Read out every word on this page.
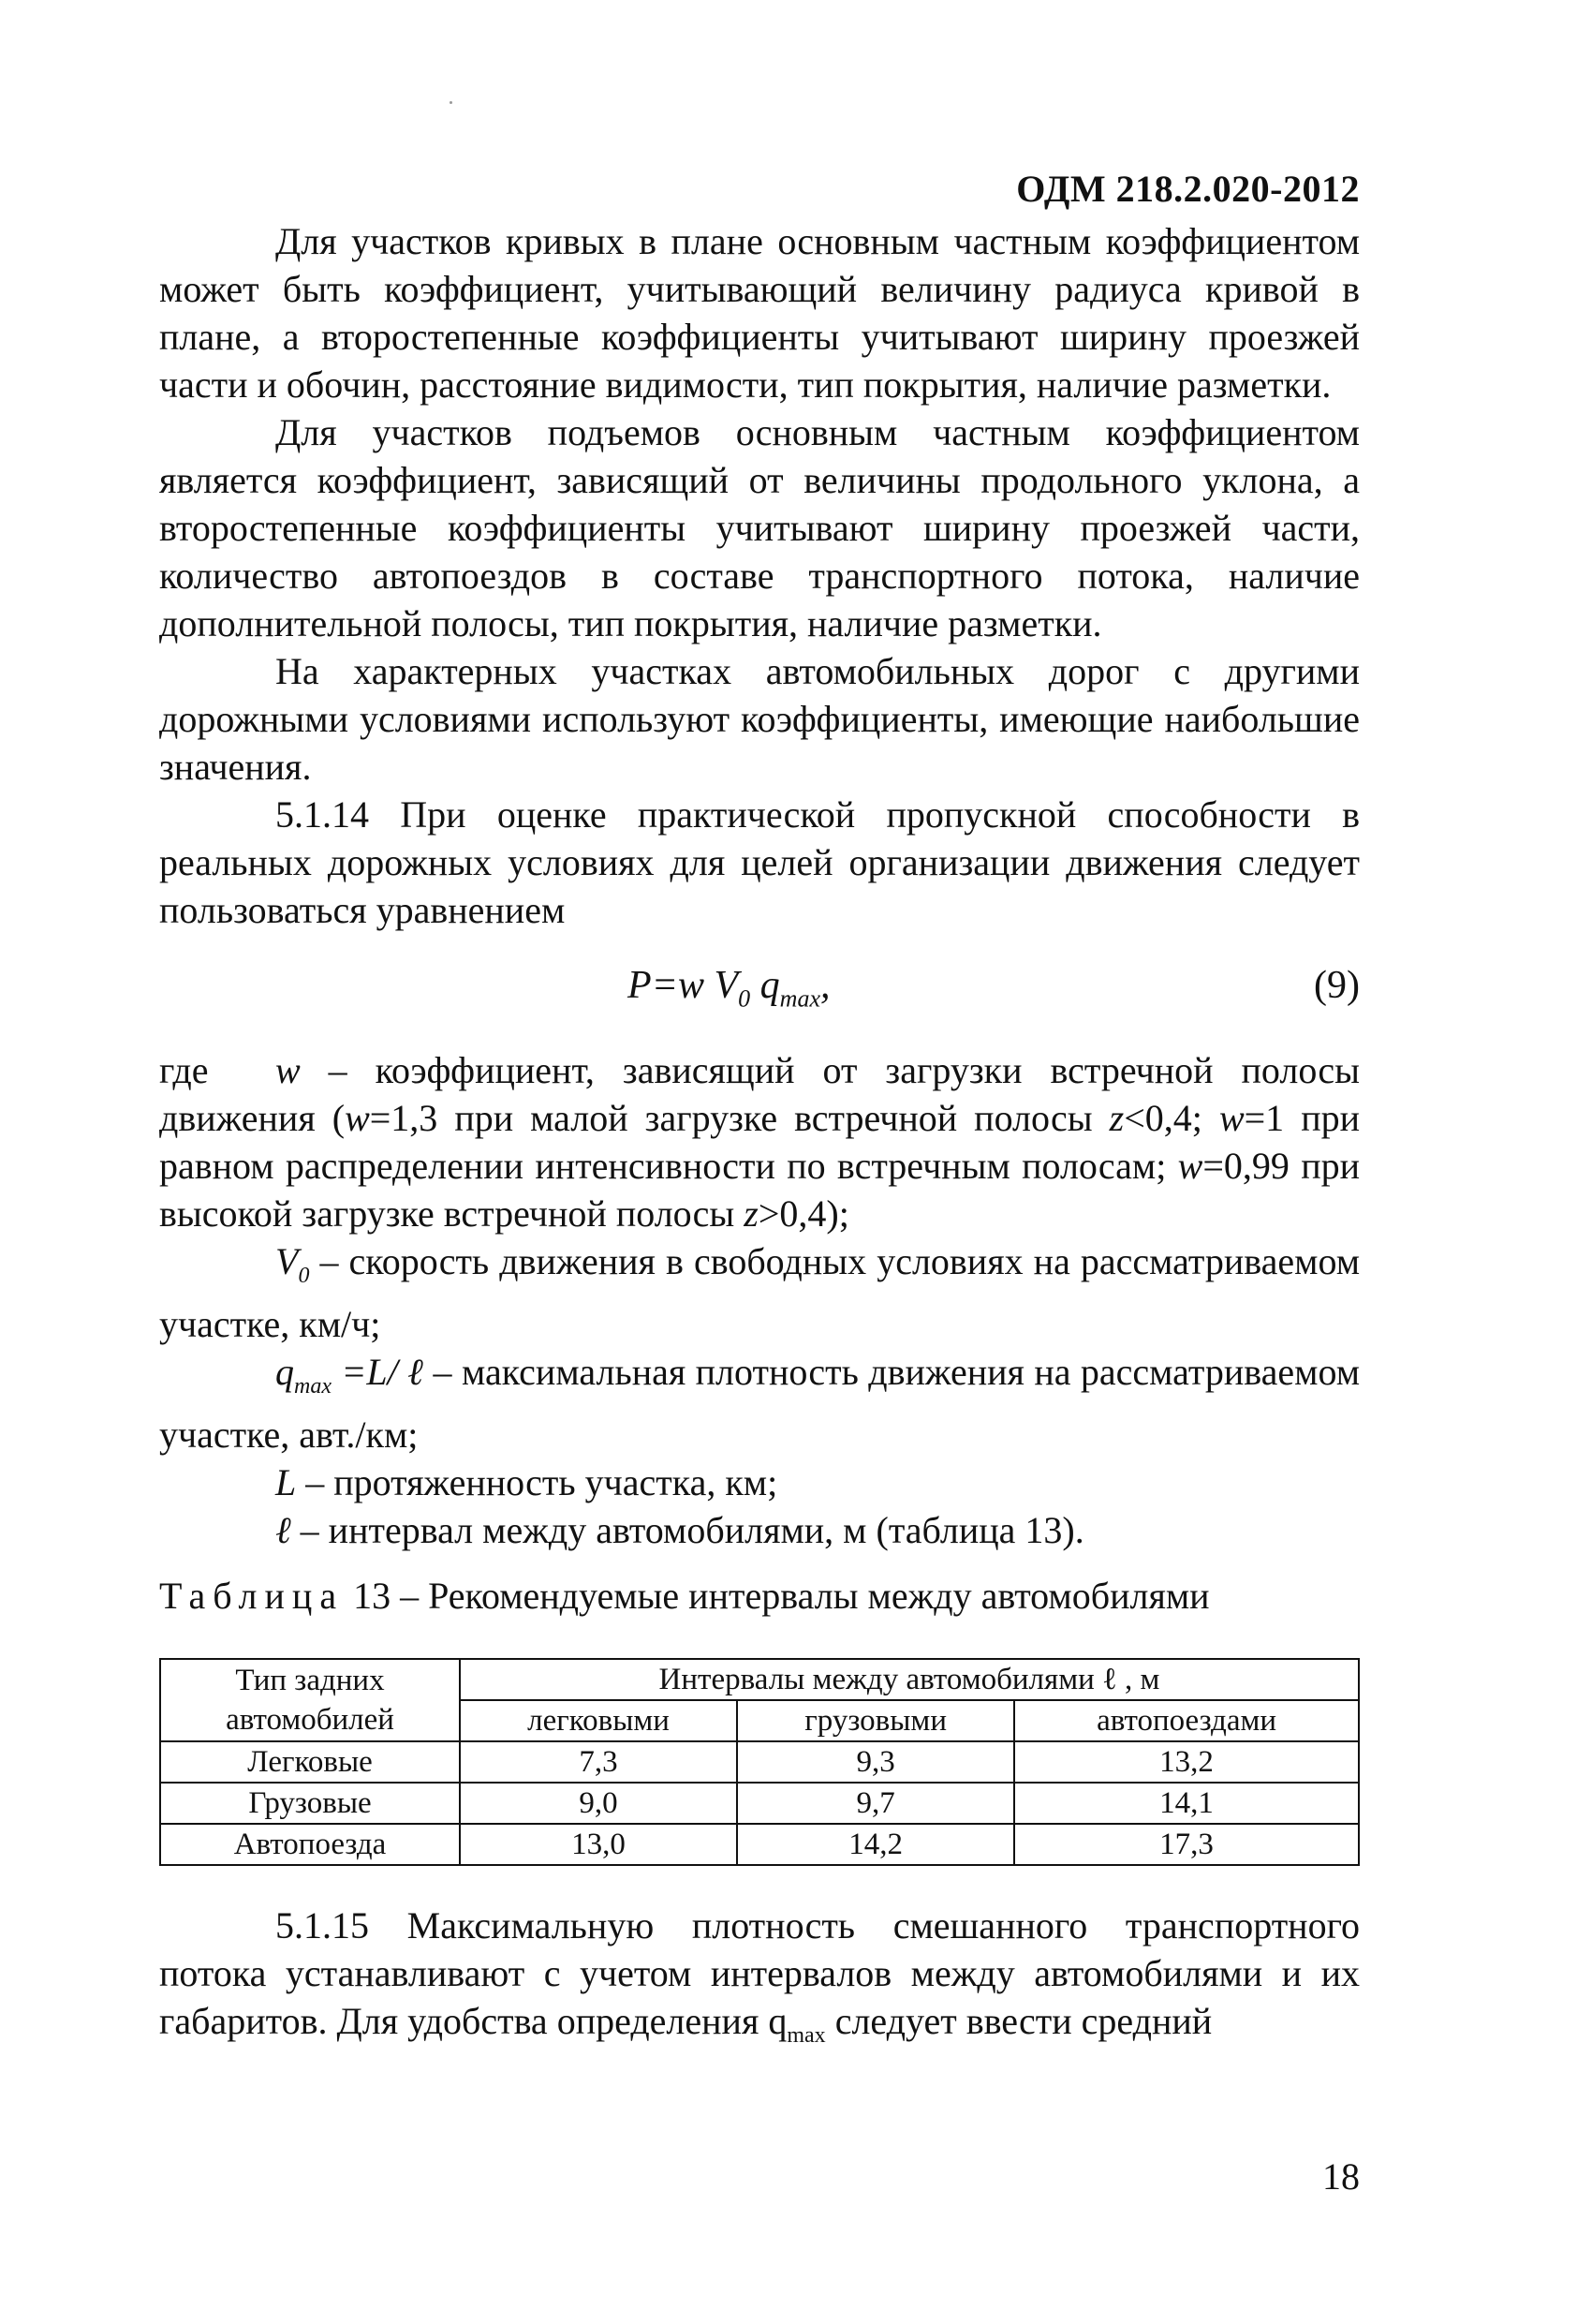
ОДМ 218.2.020-2012

Для участков кривых в плане основным частным коэффициентом может быть коэффициент, учитывающий величину радиуса кривой в плане, а второстепенные коэффициенты учитывают ширину проезжей части и обочин, расстояние видимости, тип покрытия, наличие разметки.

Для участков подъемов основным частным коэффициентом является коэффициент, зависящий от величины продольного уклона, а второстепенные коэффициенты учитывают ширину проезжей части, количество автопоездов в составе транспортного потока, наличие дополнительной полосы, тип покрытия, наличие разметки.

На характерных участках автомобильных дорог с другими дорожными условиями используют коэффициенты, имеющие наибольшие значения.

5.1.14 При оценке практической пропускной способности в реальных дорожных условиях для целей организации движения следует пользоваться уравнением

P=w $V_0$ $q_{max}$,	(9)

где w – коэффициент, зависящий от загрузки встречной полосы движения (w=1,3 при малой загрузке встречной полосы z<0,4; w=1 при равном распределении интенсивности по встречным полосам; w=0,99 при высокой загрузке встречной полосы z>0,4);

$V_0$ – скорость движения в свободных условиях на рассматриваемом участке, км/ч;

$q_{max} =L/$ ℓ – максимальная плотность движения на рассматриваемом участке, авт./км;

L – протяженность участка, км;

ℓ – интервал между автомобилями, м (таблица 13).

Таблица 13 – Рекомендуемые интервалы между автомобилями
Тип задних автомобилей	Интервалы между автомобилями ℓ , м		
	легковыми	грузовыми	автопоездами
Легковые	7,3	9,3	13,2
Грузовые	9,0	9,7	14,1
Автопоезда	13,0	14,2	17,3

5.1.15 Максимальную плотность смешанного транспортного потока устанавливают с учетом интервалов между автомобилями и их габаритов. Для удобства определения $q_{max}$ следует ввести средний

18
